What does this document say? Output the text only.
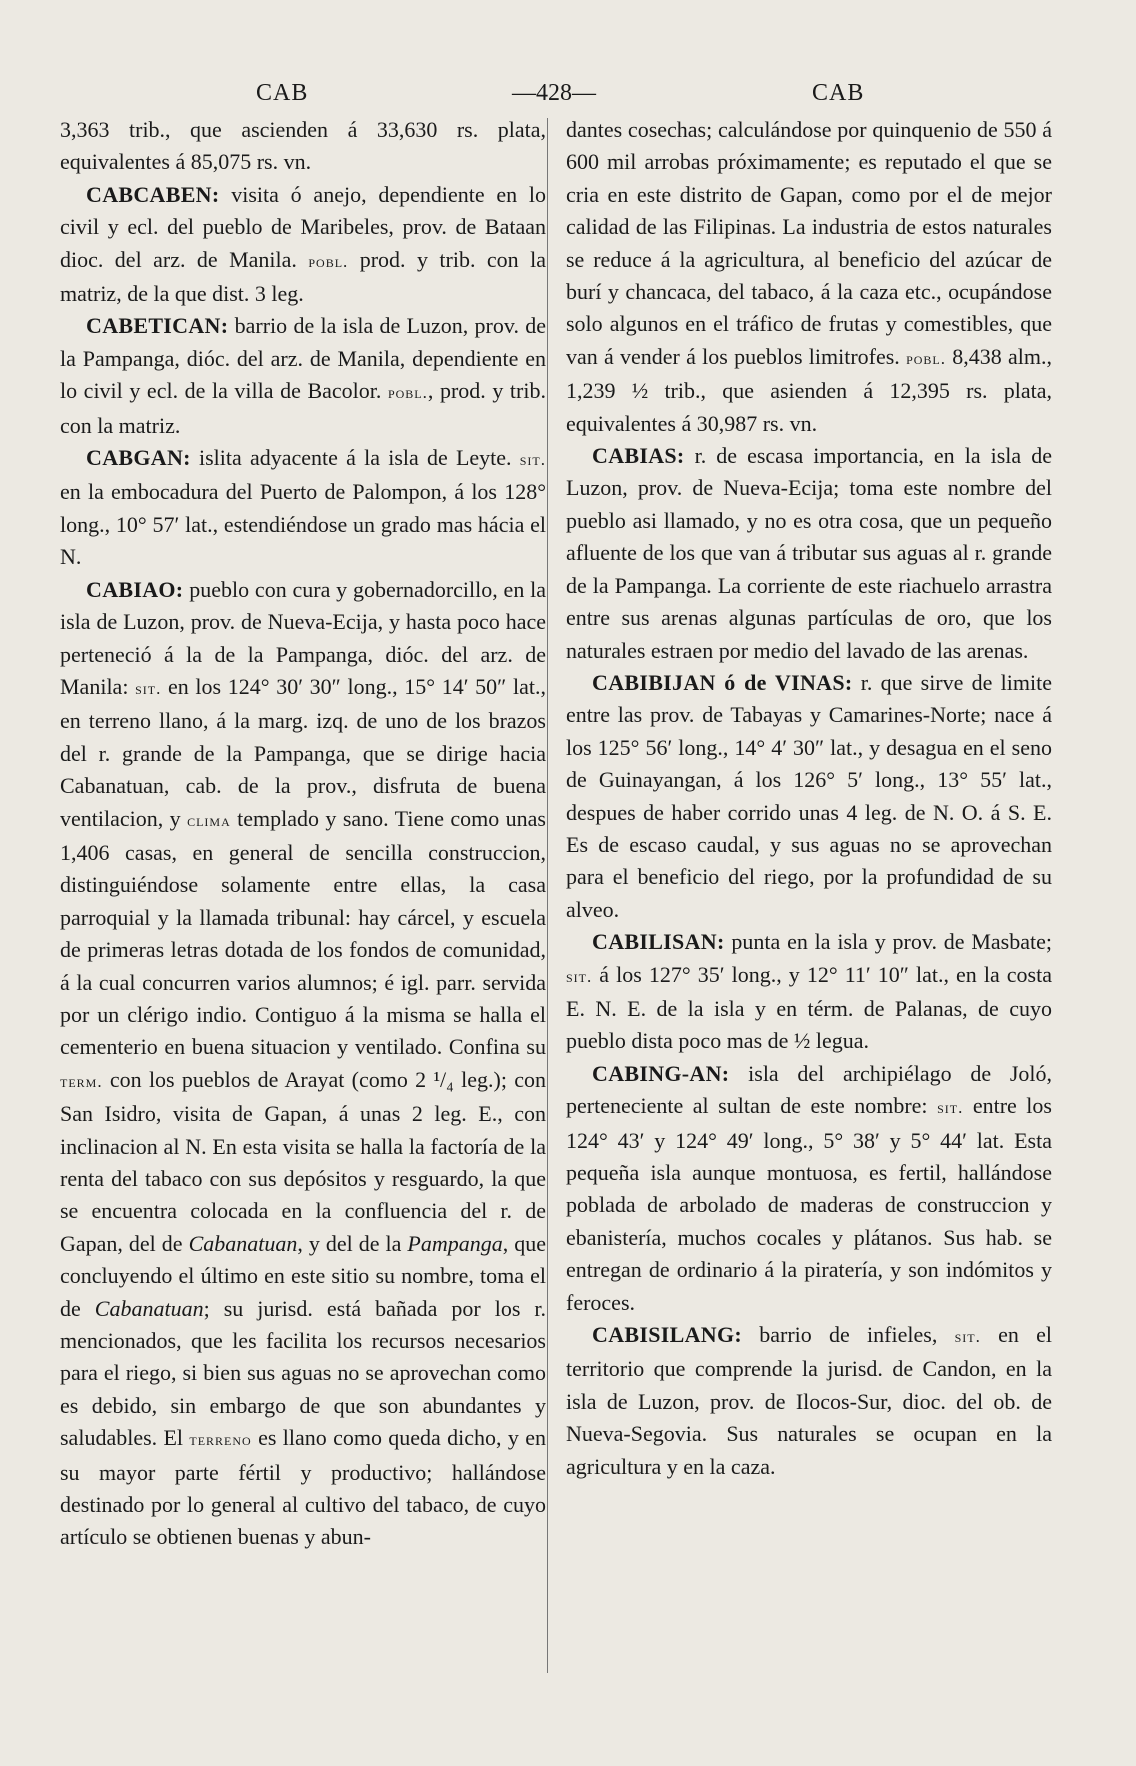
CAB	—428—	CAB

3,363 trib., que ascienden á 33,630 rs. plata, equivalentes á 85,075 rs. vn.

CABCABEN: visita ó anejo, dependiente en lo civil y ecl. del pueblo de Maribeles, prov. de Bataan dioc. del arz. de Manila. pobl. prod. y trib. con la matriz, de la que dist. 3 leg.

CABETICAN: barrio de la isla de Luzon, prov. de la Pampanga, dióc. del arz. de Manila, dependiente en lo civil y ecl. de la villa de Bacolor. pobl., prod. y trib. con la matriz.

CABGAN: islita adyacente á la isla de Leyte. sit. en la embocadura del Puerto de Palompon, á los 128° long., 10° 57′ lat., estendiéndose un grado mas hácia el N.

CABIAO: pueblo con cura y gobernadorcillo, en la isla de Luzon, prov. de Nueva-Ecija, y hasta poco hace perteneció á la de la Pampanga, dióc. del arz. de Manila: sit. en los 124° 30′ 30″ long., 15° 14′ 50″ lat., en terreno llano, á la marg. izq. de uno de los brazos del r. grande de la Pampanga, que se dirige hacia Cabanatuan, cab. de la prov., disfruta de buena ventilacion, y clima templado y sano. Tiene como unas 1,406 casas, en general de sencilla construccion, distinguiéndose solamente entre ellas, la casa parroquial y la llamada tribunal: hay cárcel, y escuela de primeras letras dotada de los fondos de comunidad, á la cual concurren varios alumnos; é igl. parr. servida por un clérigo indio. Contiguo á la misma se halla el cementerio en buena situacion y ventilado. Confina su term. con los pueblos de Arayat (como 2 ¹/₄ leg.); con San Isidro, visita de Gapan, á unas 2 leg. E., con inclinacion al N. En esta visita se halla la factoría de la renta del tabaco con sus depósitos y resguardo, la que se encuentra colocada en la confluencia del r. de Gapan, del de Cabanatuan, y del de la Pampanga, que concluyendo el último en este sitio su nombre, toma el de Cabanatuan; su jurisd. está bañada por los r. mencionados, que les facilita los recursos necesarios para el riego, si bien sus aguas no se aprovechan como es debido, sin embargo de que son abundantes y saludables. El terreno es llano como queda dicho, y en su mayor parte fértil y productivo; hallándose destinado por lo general al cultivo del tabaco, de cuyo artículo se obtienen buenas y abun-

dantes cosechas; calculándose por quinquenio de 550 á 600 mil arrobas próximamente; es reputado el que se cria en este distrito de Gapan, como por el de mejor calidad de las Filipinas. La industria de estos naturales se reduce á la agricultura, al beneficio del azúcar de burí y chancaca, del tabaco, á la caza etc., ocupándose solo algunos en el tráfico de frutas y comestibles, que van á vender á los pueblos limitrofes. pobl. 8,438 alm., 1,239 ½ trib., que asienden á 12,395 rs. plata, equivalentes á 30,987 rs. vn.

CABIAS: r. de escasa importancia, en la isla de Luzon, prov. de Nueva-Ecija; toma este nombre del pueblo asi llamado, y no es otra cosa, que un pequeño afluente de los que van á tributar sus aguas al r. grande de la Pampanga. La corriente de este riachuelo arrastra entre sus arenas algunas partículas de oro, que los naturales estraen por medio del lavado de las arenas.

CABIBIJAN ó de VINAS: r. que sirve de limite entre las prov. de Tabayas y Camarines-Norte; nace á los 125° 56′ long., 14° 4′ 30″ lat., y desagua en el seno de Guinayangan, á los 126° 5′ long., 13° 55′ lat., despues de haber corrido unas 4 leg. de N. O. á S. E. Es de escaso caudal, y sus aguas no se aprovechan para el beneficio del riego, por la profundidad de su alveo.

CABILISAN: punta en la isla y prov. de Masbate; sit. á los 127° 35′ long., y 12° 11′ 10″ lat., en la costa E. N. E. de la isla y en térm. de Palanas, de cuyo pueblo dista poco mas de ½ legua.

CABING-AN: isla del archipiélago de Joló, perteneciente al sultan de este nombre: sit. entre los 124° 43′ y 124° 49′ long., 5° 38′ y 5° 44′ lat. Esta pequeña isla aunque montuosa, es fertil, hallándose poblada de arbolado de maderas de construccion y ebanistería, muchos cocales y plátanos. Sus hab. se entregan de ordinario á la piratería, y son indómitos y feroces.

CABISILANG: barrio de infieles, sit. en el territorio que comprende la jurisd. de Candon, en la isla de Luzon, prov. de Ilocos-Sur, dioc. del ob. de Nueva-Segovia. Sus naturales se ocupan en la agricultura y en la caza.
